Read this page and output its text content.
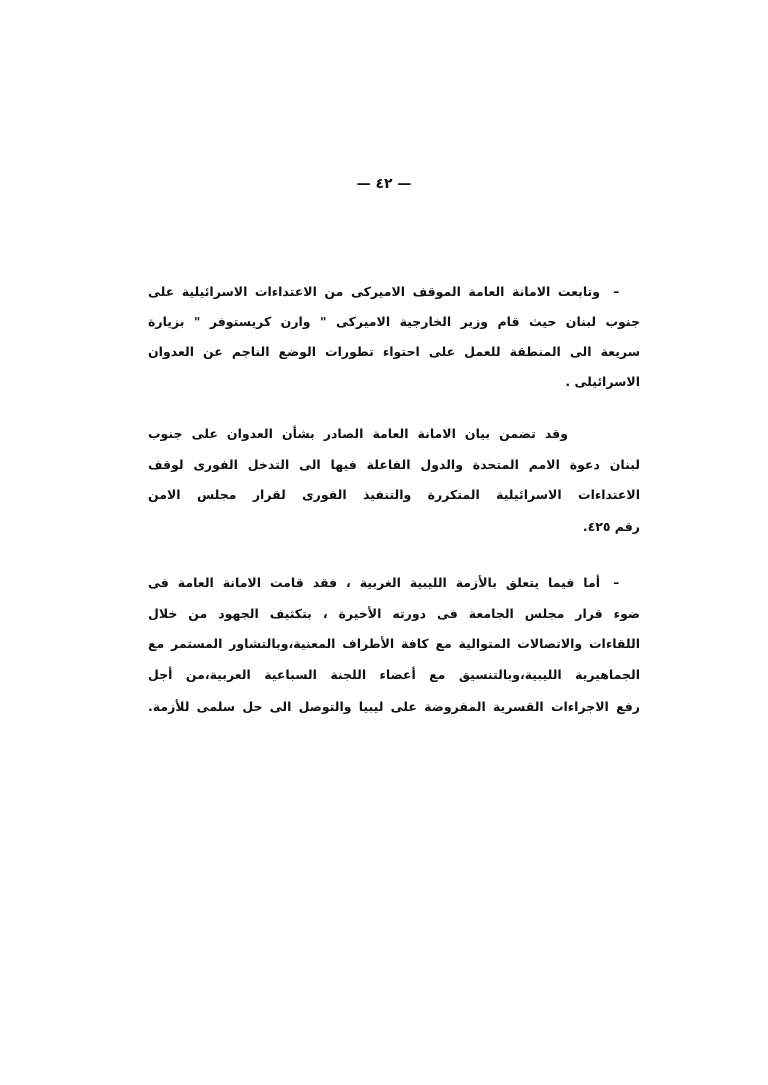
— ٤٢ —
ـ
وتابعت الامانة العامة الموقف الاميركى من الاعتداءات الاسرائيلية على
جنوب لبنان حيث قام وزير الخارجية الاميركى " وارن كريستوفر " بزيارة
سريعة الى المنطقة للعمل على احتواء تطورات الوضع الناجم عن العدوان
الاسرائيلى .
وقد تضمن بيان الامانة العامة الصادر بشأن العدوان على جنوب
لبنان دعوة الامم المتحدة والدول الفاعلة فيها الى التدخل الفورى لوقف
الاعتداءات الاسرائيلية المتكررة والتنفيذ الفورى لقرار مجلس الامن
رقم ٤٢٥.
ـ
أما فيما يتعلق بالأزمة الليبية الغربية ، فقد قامت الامانة العامة فى
ضوء قرار مجلس الجامعة فى دورته الأخيرة ، بتكثيف الجهود من خلال
اللقاءات والاتصالات المتوالية مع كافة الأطراف المعنية،وبالتشاور المستمر مع
الجماهيرية الليبية،وبالتنسيق مع أعضاء اللجنة السباعية العربية،من أجل
رفع الاجراءات القسرية المفروضة على ليبيا والتوصل الى حل سلمى للأزمة.
